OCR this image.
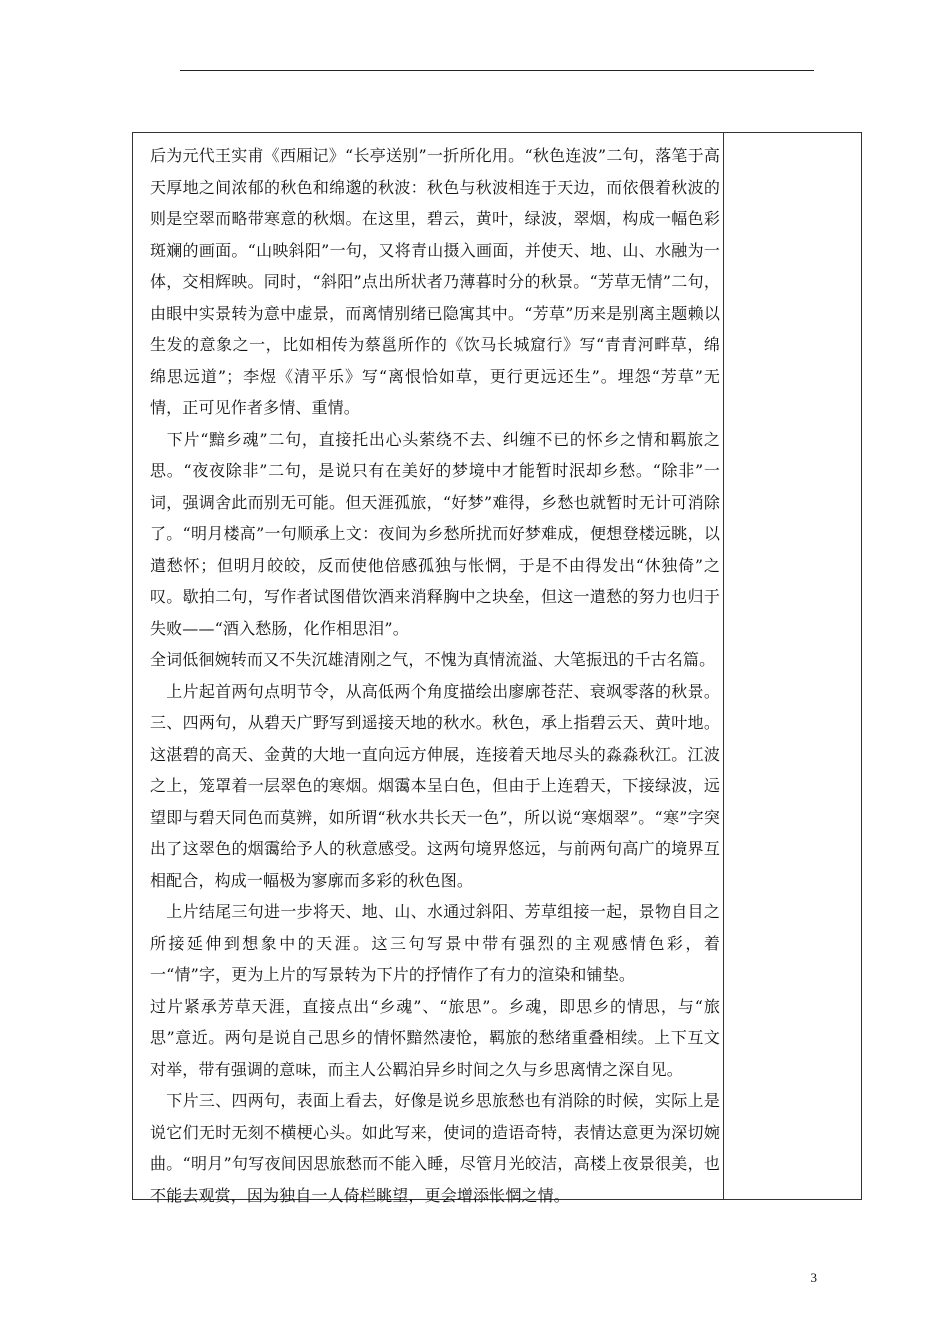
后为元代王实甫《西厢记》“长亭送别”一折所化用。“秋色连波”二句，落笔于高天厚地之间浓郁的秋色和绵邈的秋波：秋色与秋波相连于天边，而依偎着秋波的则是空翠而略带寒意的秋烟。在这里，碧云，黄叶，绿波，翠烟，构成一幅色彩斑斓的画面。“山映斜阳”一句，又将青山摄入画面，并使天、地、山、水融为一体，交相辉映。同时，“斜阳”点出所状者乃薄暮时分的秋景。“芳草无情”二句，由眼中实景转为意中虚景，而离情别绪已隐寓其中。“芳草”历来是别离主题赖以生发的意象之一，比如相传为蔡邕所作的《饮马长城窟行》写“青青河畔草，绵绵思远道”；李煜《清平乐》写“离恨恰如草，更行更远还生”。埋怨“芳草”无情，正可见作者多情、重情。

　下片“黯乡魂”二句，直接托出心头萦绕不去、纠缠不已的怀乡之情和羁旅之思。“夜夜除非”二句，是说只有在美好的梦境中才能暂时泯却乡愁。“除非”一词，强调舍此而别无可能。但天涯孤旅，“好梦”难得，乡愁也就暂时无计可消除了。“明月楼高”一句顺承上文：夜间为乡愁所扰而好梦难成，便想登楼远眺，以遣愁怀；但明月皎皎，反而使他倍感孤独与怅惘，于是不由得发出“休独倚”之叹。歇拍二句，写作者试图借饮酒来消释胸中之块垒，但这一遣愁的努力也归于失败——“酒入愁肠，化作相思泪”。

全词低徊婉转而又不失沉雄清刚之气，不愧为真情流溢、大笔振迅的千古名篇。

　上片起首两句点明节令，从高低两个角度描绘出廖廓苍茫、衰飒零落的秋景。三、四两句，从碧天广野写到遥接天地的秋水。秋色，承上指碧云天、黄叶地。这湛碧的高天、金黄的大地一直向远方伸展，连接着天地尽头的淼淼秋江。江波之上，笼罩着一层翠色的寒烟。烟霭本呈白色，但由于上连碧天，下接绿波，远望即与碧天同色而莫辨，如所谓“秋水共长天一色”，所以说“寒烟翠”。“寒”字突出了这翠色的烟霭给予人的秋意感受。这两句境界悠远，与前两句高广的境界互相配合，构成一幅极为寥廓而多彩的秋色图。

　上片结尾三句进一步将天、地、山、水通过斜阳、芳草组接一起，景物自目之所接延伸到想象中的天涯。这三句写景中带有强烈的主观感情色彩，着一“情”字，更为上片的写景转为下片的抒情作了有力的渲染和铺垫。

过片紧承芳草天涯，直接点出“乡魂”、“旅思”。乡魂，即思乡的情思，与“旅思”意近。两句是说自己思乡的情怀黯然凄怆，羁旅的愁绪重叠相续。上下互文对举，带有强调的意味，而主人公羁泊异乡时间之久与乡思离情之深自见。

　下片三、四两句，表面上看去，好像是说乡思旅愁也有消除的时候，实际上是说它们无时无刻不横梗心头。如此写来，使词的造语奇特，表情达意更为深切婉曲。“明月”句写夜间因思旅愁而不能入睡，尽管月光皎洁，高楼上夜景很美，也不能去观赏，因为独自一人倚栏眺望，更会增添怅惘之情。

3
